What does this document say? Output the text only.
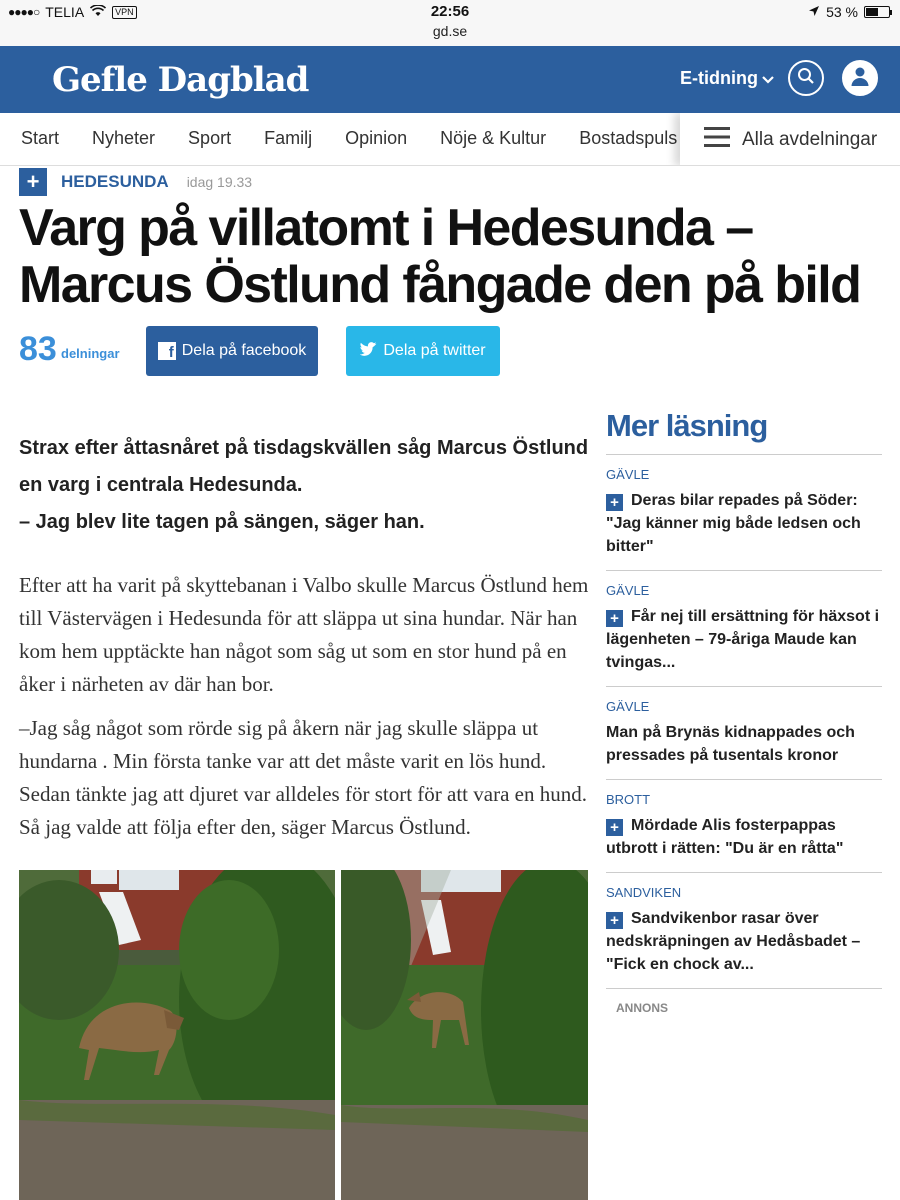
●●●●○ TELIA	VPN	22:56
gd.se
53 %
Gefle Dagblad	E-tidning
Start Nyheter Sport Familj Opinion Nöje & Kultur Bostadspuls	Alla avdelningar
+	HEDESUNDA idag 19.33
Varg på villatomt i Hedesunda – Marcus Östlund fångade den på bild
83 delningar	f Dela på facebook	Dela på twitter
Strax efter åttasnåret på tisdagskvällen såg Marcus Östlund en varg i centrala Hedesunda.
– Jag blev lite tagen på sängen, säger han.

Efter att ha varit på skyttebanan i Valbo skulle Marcus Östlund hem till Västervägen i Hedesunda för att släppa ut sina hundar. När han kom hem upptäckte han något som såg ut som en stor hund på en åker i närheten av där han bor.

–Jag såg något som rörde sig på åkern när jag skulle släppa ut hundarna . Min första tanke var att det måste varit en lös hund. Sedan tänkte jag att djuret var alldeles för stort för att vara en hund. Så jag valde att följa efter den, säger Marcus Östlund.

Mer läsning
GÄVLE
+ Deras bilar repades på Söder: "Jag känner mig både ledsen och bitter"
GÄVLE
+ Får nej till ersättning för häxsot i lägenheten – 79-åriga Maude kan tvingas...
GÄVLE
Man på Brynäs kidnappades och pressades på tusentals kronor
BROTT
+ Mördade Alis fosterpappas utbrott i rätten: "Du är en råtta"
SANDVIKEN
+ Sandvikenbor rasar över nedskräpningen av Hedåsbadet – "Fick en chock av...
ANNONS
